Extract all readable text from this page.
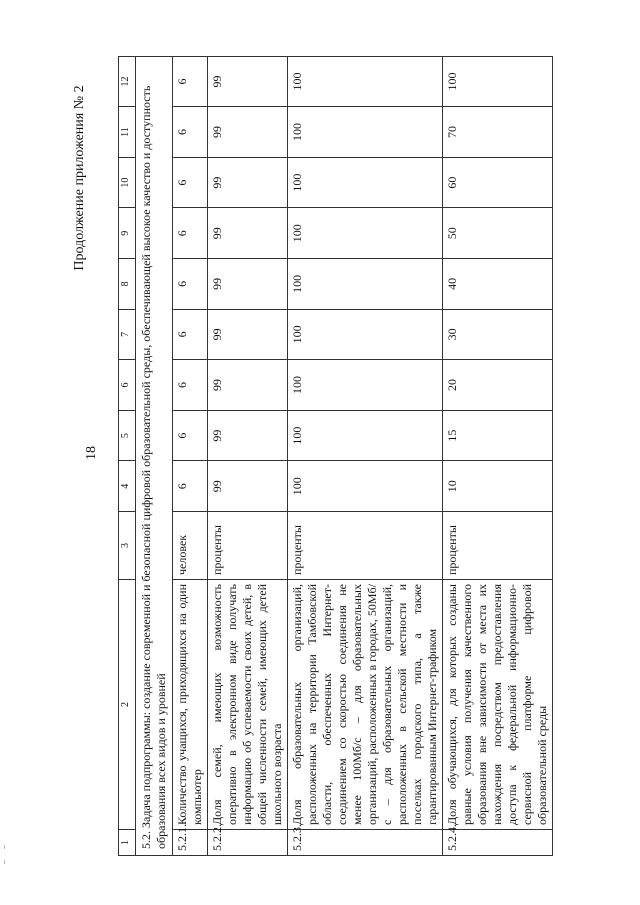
18
Продолжение приложения № 2
1	2	3	4	5	6	7	8	9	10	11	12
5.2. Задача подпрограммы: создание современной и безопасной цифровой образовательной среды, обеспечивающей высокое качество и доступность образования всех видов и уровней											
5.2.1.	Количество учащихся, приходящихся на один компьютер	человек	6	6	6	6	6	6	6	6	6
5.2.2.	Доля семей, имеющих возможность оперативно в электронном виде получать информацию об успеваемости своих детей, в общей численности семей, имеющих детей школьного возраста	проценты	99	99	99	99	99	99	99	99	99
5.2.3.	Доля образовательных организаций, расположенных на территории Тамбовской области, обеспеченных Интернет-соединением со скоростью соединения не менее 100Мб/с – для образовательных организаций, расположенных в городах, 50Мб/с – для образовательных организаций, расположенных в сельской местности и поселках городского типа, а также гарантированным Интернет-трафиком	проценты	100	100	100	100	100	100	100	100	100
5.2.4.	Доля обучающихся, для которых созданы равные условия получения качественного образования вне зависимости от места их нахождения посредством предоставления доступа к федеральной информационно-сервисной платформе цифровой образовательной среды	проценты	10	15	20	30	40	50	60	70	100
